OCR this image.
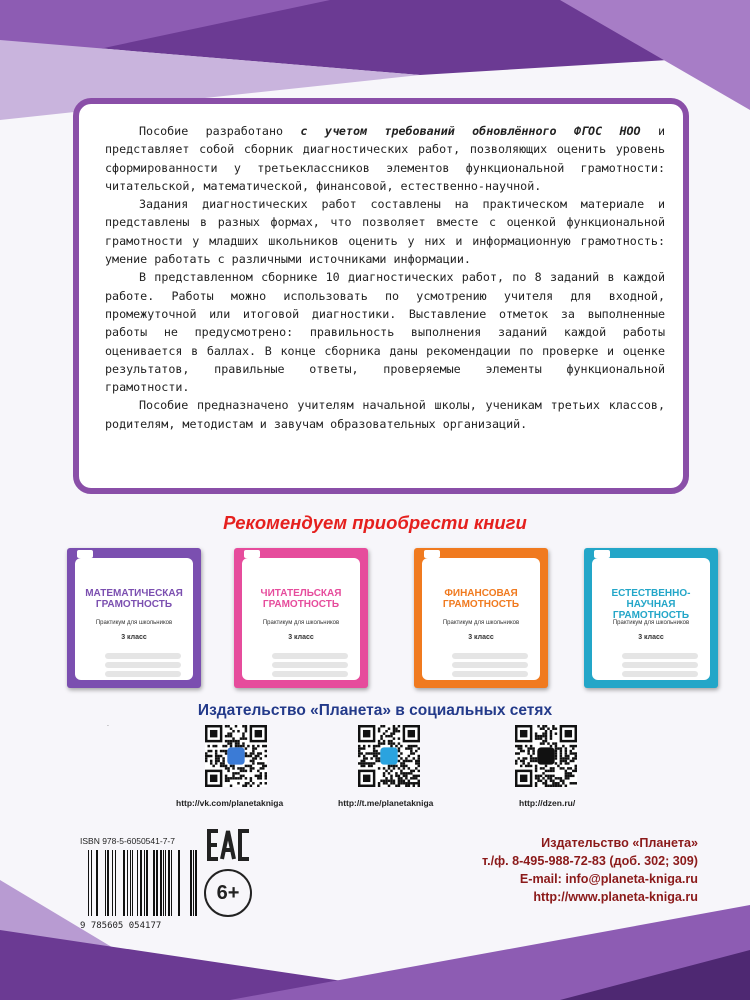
Пособие разработано с учетом требований обновлённого ФГОС НОО и представляет собой сборник диагностических работ, позволяющих оценить уровень сформированности у третьеклассников элементов функциональной грамотности: читательской, математической, финансовой, естественно-научной.

Задания диагностических работ составлены на практическом материале и представлены в разных формах, что позволяет вместе с оценкой функциональной грамотности у младших школьников оценить у них и информационную грамотность: умение работать с различными источниками информации.

В представленном сборнике 10 диагностических работ, по 8 заданий в каждой работе. Работы можно использовать по усмотрению учителя для входной, промежуточной или итоговой диагностики. Выставление отметок за выполненные работы не предусмотрено: правильность выполнения заданий каждой работы оценивается в баллах. В конце сборника даны рекомендации по проверке и оценке результатов, правильные ответы, проверяемые элементы функциональной грамотности.

Пособие предназначено учителям начальной школы, ученикам третьих классов, родителям, методистам и завучам образовательных организаций.

Рекомендуем приобрести книги
МАТЕМАТИЧЕСКАЯ ГРАМОТНОСТЬ
Практикум для школьников
3 класс
ЧИТАТЕЛЬСКАЯ ГРАМОТНОСТЬ
Практикум для школьников
3 класс
ФИНАНСОВАЯ ГРАМОТНОСТЬ
Практикум для школьников
3 класс
ЕСТЕСТВЕННО-НАУЧНАЯ ГРАМОТНОСТЬ
Практикум для школьников
3 класс
Издательство «Планета» в социальных сетях
http://vk.com/planetakniga	http://t.me/planetakniga	http://dzen.ru/
ISBN 978-5-6050541-7-7
9 785605 054177
ЕАС
6+
Издательство «Планета»
т./ф. 8-495-988-72-83 (доб. 302; 309)
E-mail: info@planeta-kniga.ru
http://www.planeta-kniga.ru
